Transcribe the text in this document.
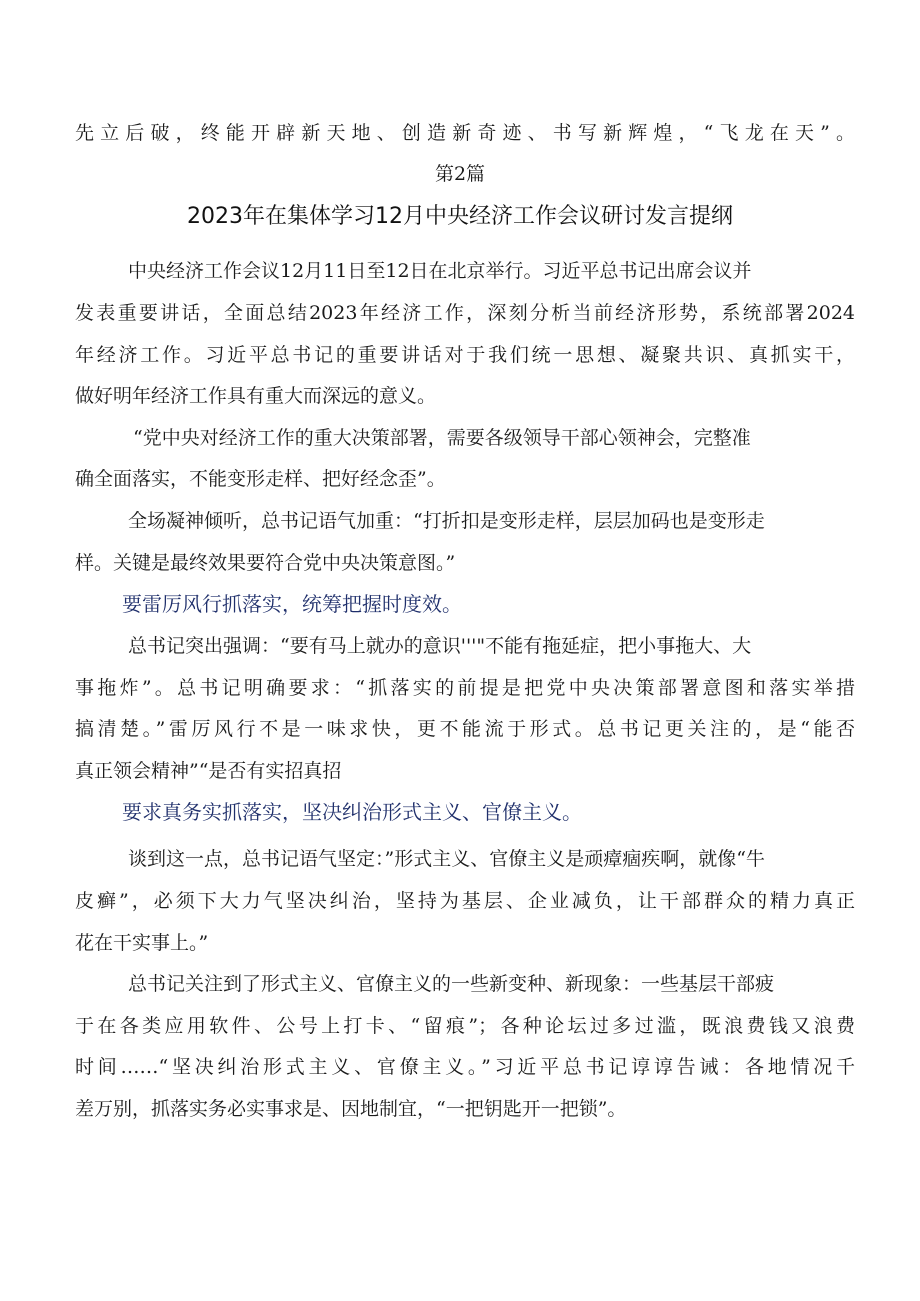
先立后破，终能开辟新天地、创造新奇迹、书写新辉煌，“飞龙在天”。
第2篇
2023年在集体学习12月中央经济工作会议研讨发言提纲
中央经济工作会议12月11日至12日在北京举行。习近平总书记出席会议并
发表重要讲话，全面总结2023年经济工作，深刻分析当前经济形势，系统部署2024
年经济工作。习近平总书记的重要讲话对于我们统一思想、凝聚共识、真抓实干，
做好明年经济工作具有重大而深远的意义。
“党中央对经济工作的重大决策部署，需要各级领导干部心领神会，完整准
确全面落实，不能变形走样、把好经念歪”。
全场凝神倾听，总书记语气加重：“打折扣是变形走样，层层加码也是变形走
样。关键是最终效果要符合党中央决策意图。”
要雷厉风行抓落实，统筹把握时度效。
总书记突出强调：“要有马上就办的意识'''"不能有拖延症，把小事拖大、大
事拖炸”。总书记明确要求：“抓落实的前提是把党中央决策部署意图和落实举措
搞清楚。”雷厉风行不是一味求快，更不能流于形式。总书记更关注的，是“能否
真正领会精神”“是否有实招真招
要求真务实抓落实，坚决纠治形式主义、官僚主义。
谈到这一点，总书记语气坚定：”形式主义、官僚主义是顽瘴痼疾啊，就像“牛
皮癣”，必须下大力气坚决纠治，坚持为基层、企业减负，让干部群众的精力真正
花在干实事上。”
总书记关注到了形式主义、官僚主义的一些新变种、新现象：一些基层干部疲
于在各类应用软件、公号上打卡、“留痕”；各种论坛过多过滥，既浪费钱又浪费
时间……“坚决纠治形式主义、官僚主义。”习近平总书记谆谆告诫：各地情况千
差万别，抓落实务必实事求是、因地制宜，“一把钥匙开一把锁”。
